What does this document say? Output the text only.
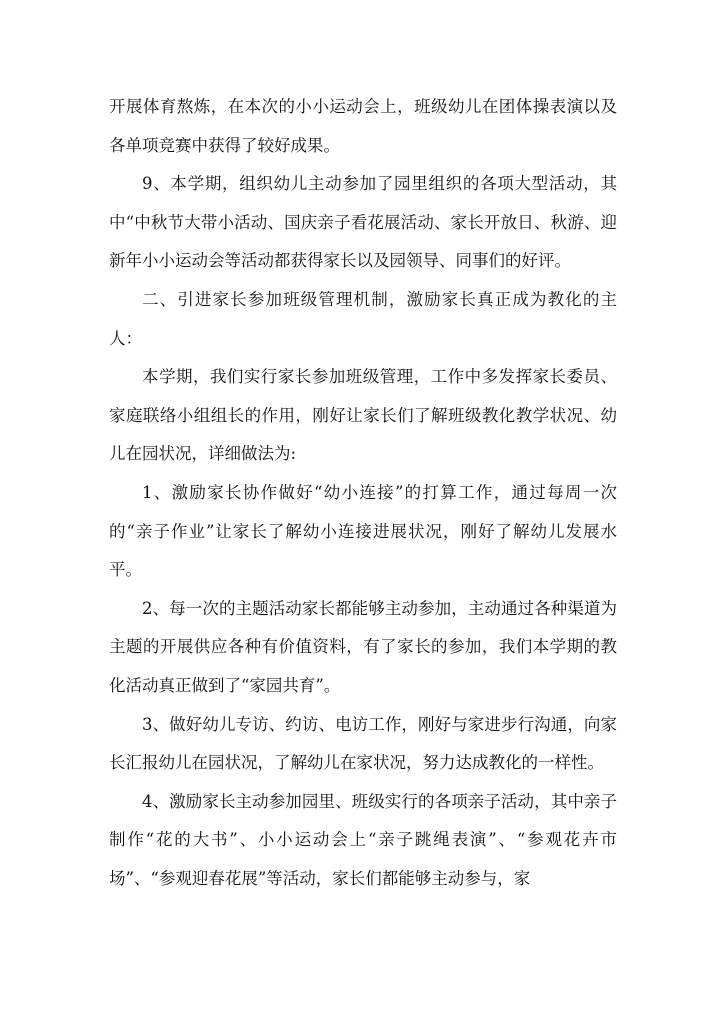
开展体育熬炼，在本次的小小运动会上，班级幼儿在团体操表演以及各单项竞赛中获得了较好成果。

9、本学期，组织幼儿主动参加了园里组织的各项大型活动，其中“中秋节大带小活动、国庆亲子看花展活动、家长开放日、秋游、迎新年小小运动会等活动都获得家长以及园领导、同事们的好评。

二、引进家长参加班级管理机制，激励家长真正成为教化的主人：

本学期，我们实行家长参加班级管理，工作中多发挥家长委员、家庭联络小组组长的作用，刚好让家长们了解班级教化教学状况、幼儿在园状况，详细做法为:

1、激励家长协作做好“幼小连接”的打算工作，通过每周一次的“亲子作业”让家长了解幼小连接进展状况，刚好了解幼儿发展水平。

2、每一次的主题活动家长都能够主动参加，主动通过各种渠道为主题的开展供应各种有价值资料，有了家长的参加，我们本学期的教化活动真正做到了“家园共育”。

3、做好幼儿专访、约访、电访工作，刚好与家进步行沟通，向家长汇报幼儿在园状况，了解幼儿在家状况，努力达成教化的一样性。

4、激励家长主动参加园里、班级实行的各项亲子活动，其中亲子制作“花的大书”、小小运动会上“亲子跳绳表演”、“参观花卉市场”、“参观迎春花展”等活动，家长们都能够主动参与，家
